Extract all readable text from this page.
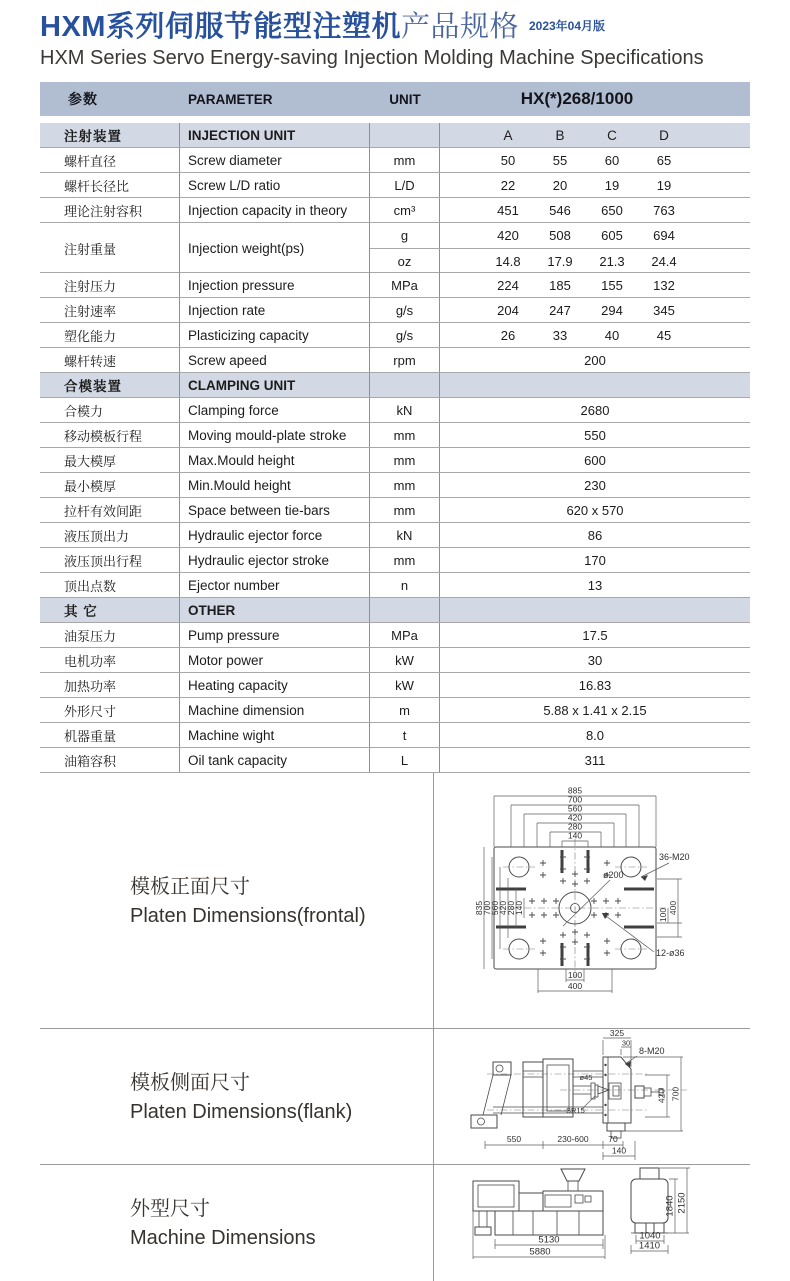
HXM系列伺服节能型注塑机产品规格 $^{2023年04月版}$
HXM Series Servo Energy-saving Injection Molding Machine Specifications
参数	PARAMETER	UNIT	HX(*)268/1000
注射装置	INJECTION UNIT	A	B	C	D
螺杆直径	Screw diameter	mm	50	55	60	65
螺杆长径比	Screw L/D ratio	L/D	22	20	19	19
理论注射容积	Injection capacity in theory	cm³	451	546	650	763
注射重量	Injection weight(ps)
g	420	508	605	694
oz	14.8	17.9	21.3	24.4
注射压力	Injection pressure	MPa	224	185	155	132
注射速率	Injection rate	g/s	204	247	294	345
塑化能力	Plasticizing capacity	g/s	26	33	40	45
螺杆转速	Screw apeed	rpm	200
合模装置	CLAMPING UNIT
合模力	Clamping force	kN	2680
移动模板行程	Moving mould-plate stroke	mm	550
最大模厚	Max.Mould height	mm	600
最小模厚	Min.Mould height	mm	230
拉杆有效间距	Space between tie-bars	mm	620 x 570
液压顶出力	Hydraulic ejector force	kN	86
液压顶出行程	Hydraulic ejector stroke	mm	170
顶出点数	Ejector number	n	13
其 它	OTHER
油泵压力	Pump pressure	MPa	17.5
电机功率	Motor power	kW	30
加热功率	Heating capacity	kW	16.83
外形尺寸	Machine dimension	m	5.88 x 1.41 x 2.15
机器重量	Machine wight	t	8.0
油箱容积	Oil tank capacity	L	311
模板正面尺寸
Platen Dimensions(frontal)
885
700
560
420
280
140
835
700
560
420
280
140	100 400
100
400
ø200
36-M20
12-ø36
模板侧面尺寸
Platen Dimensions(flank)
325
30
8-M20
ø45
SR15
420 700
550	230-600 70
140
外型尺寸
Machine Dimensions	5130
5880
1040
1410
1840 2150
